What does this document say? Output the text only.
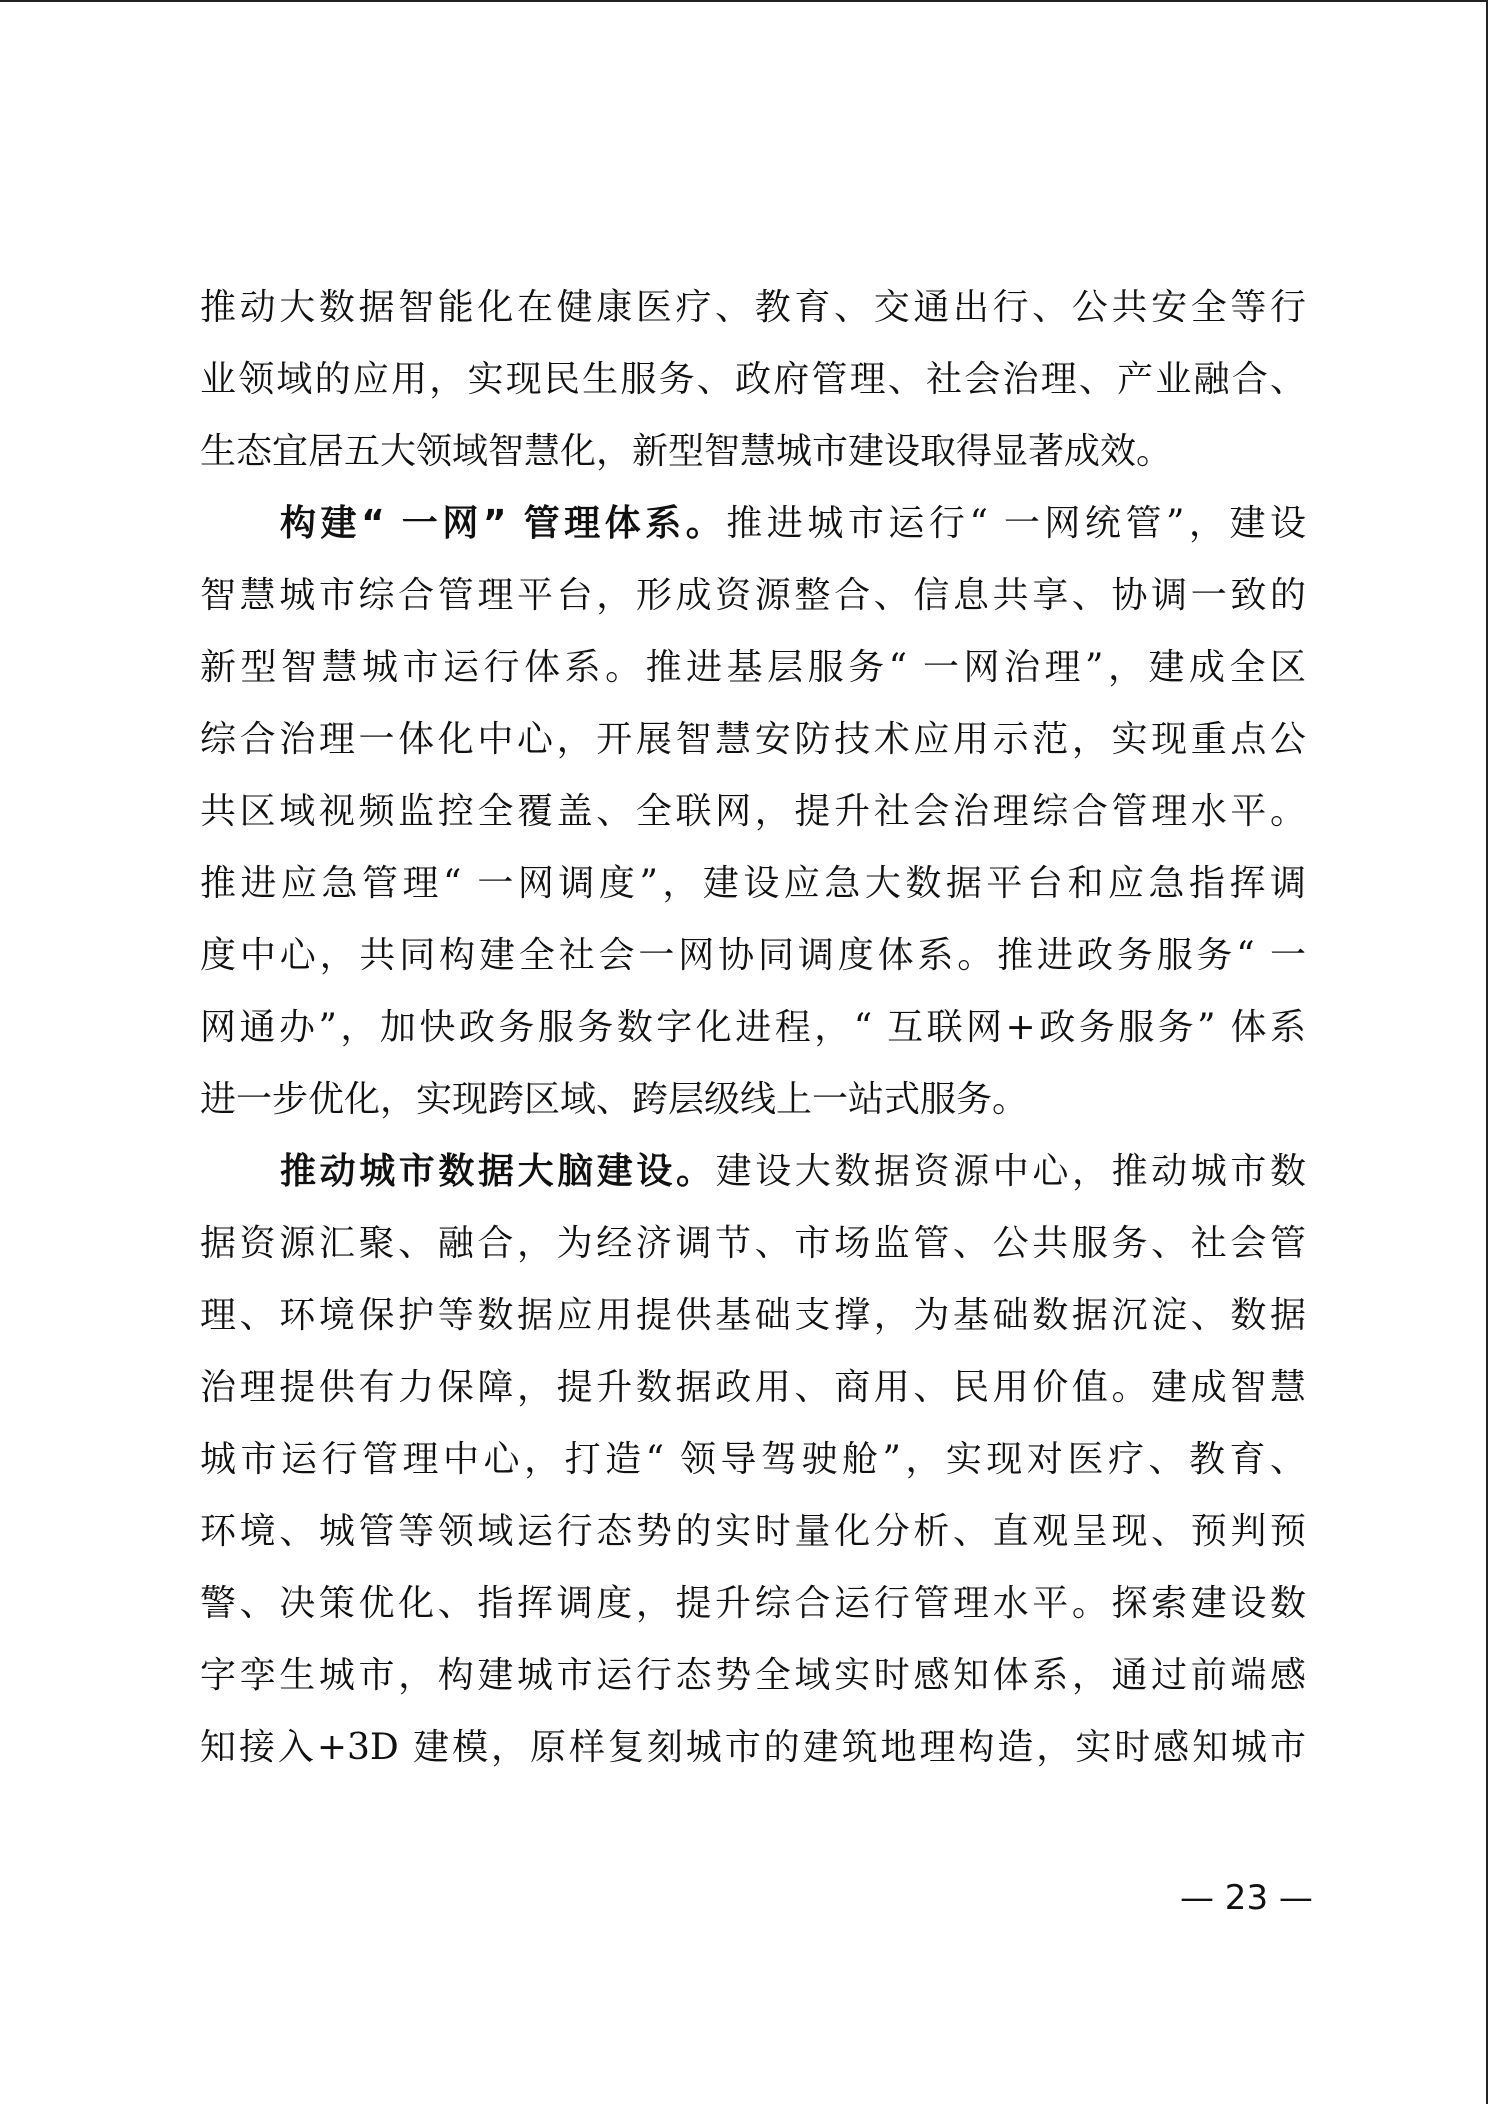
推动大数据智能化在健康医疗、教育、交通出行、公共安全等行
业领域的应用，实现民生服务、政府管理、社会治理、产业融合、
生态宜居五大领域智慧化，新型智慧城市建设取得显著成效。
构建“ 一网” 管理体系。推进城市运行“ 一网统管”，建设
智慧城市综合管理平台，形成资源整合、信息共享、协调一致的
新型智慧城市运行体系。推进基层服务“ 一网治理”，建成全区
综合治理一体化中心，开展智慧安防技术应用示范，实现重点公
共区域视频监控全覆盖、全联网，提升社会治理综合管理水平。
推进应急管理“ 一网调度”，建设应急大数据平台和应急指挥调
度中心，共同构建全社会一网协同调度体系。推进政务服务“ 一
网通办”，加快政务服务数字化进程，“ 互联网+政务服务” 体系
进一步优化，实现跨区域、跨层级线上一站式服务。
推动城市数据大脑建设。建设大数据资源中心，推动城市数
据资源汇聚、融合，为经济调节、市场监管、公共服务、社会管
理、环境保护等数据应用提供基础支撑，为基础数据沉淀、数据
治理提供有力保障，提升数据政用、商用、民用价值。建成智慧
城市运行管理中心，打造“ 领导驾驶舱”，实现对医疗、教育、
环境、城管等领域运行态势的实时量化分析、直观呈现、预判预
警、决策优化、指挥调度，提升综合运行管理水平。探索建设数
字孪生城市，构建城市运行态势全域实时感知体系，通过前端感
知接入+3D 建模，原样复刻城市的建筑地理构造，实时感知城市
— 23 —
